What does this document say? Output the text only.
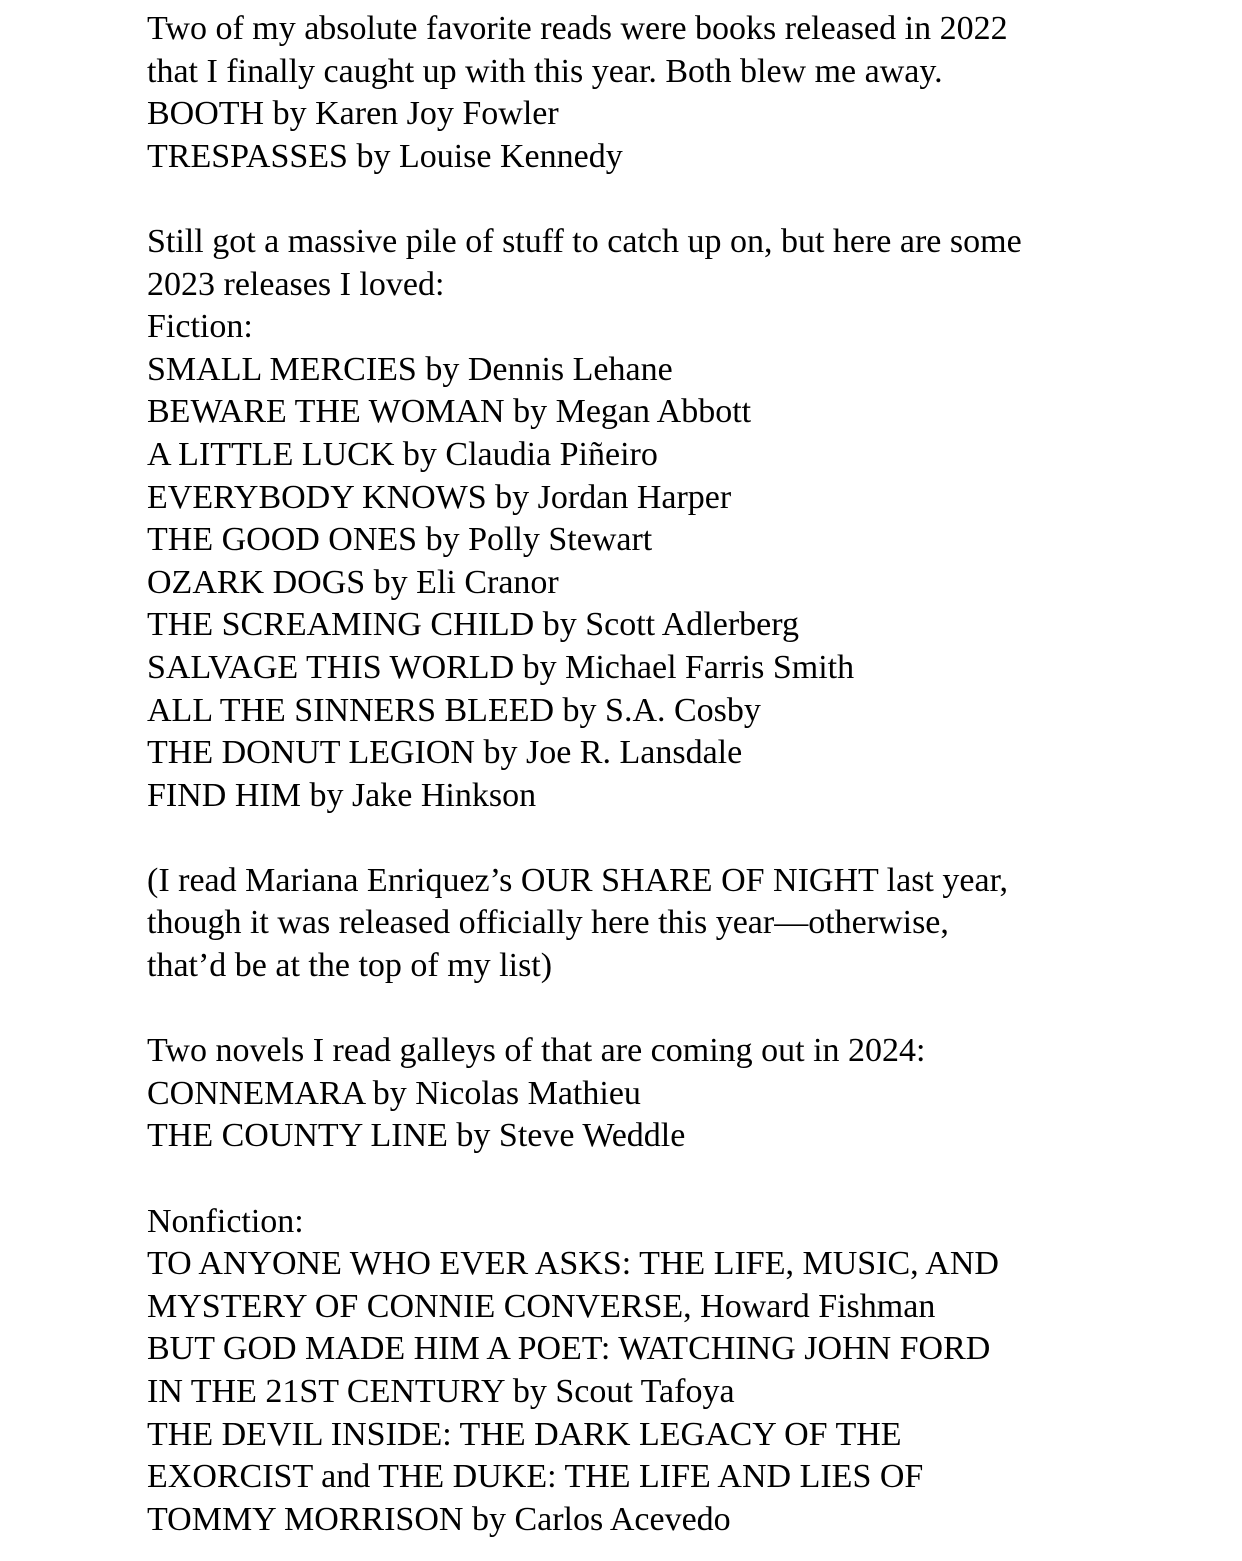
Two of my absolute favorite reads were books released in 2022
that I finally caught up with this year. Both blew me away.
BOOTH by Karen Joy Fowler
TRESPASSES by Louise Kennedy
Still got a massive pile of stuff to catch up on, but here are some
2023 releases I loved:
Fiction:
SMALL MERCIES by Dennis Lehane
BEWARE THE WOMAN by Megan Abbott
A LITTLE LUCK by Claudia Piñeiro
EVERYBODY KNOWS by Jordan Harper
THE GOOD ONES by Polly Stewart
OZARK DOGS by Eli Cranor
THE SCREAMING CHILD by Scott Adlerberg
SALVAGE THIS WORLD by Michael Farris Smith
ALL THE SINNERS BLEED by S.A. Cosby
THE DONUT LEGION by Joe R. Lansdale
FIND HIM by Jake Hinkson
(I read Mariana Enriquez’s OUR SHARE OF NIGHT last year,
though it was released officially here this year—otherwise,
that’d be at the top of my list)
Two novels I read galleys of that are coming out in 2024:
CONNEMARA by Nicolas Mathieu
THE COUNTY LINE by Steve Weddle
Nonfiction:
TO ANYONE WHO EVER ASKS: THE LIFE, MUSIC, AND
MYSTERY OF CONNIE CONVERSE, Howard Fishman
BUT GOD MADE HIM A POET: WATCHING JOHN FORD
IN THE 21ST CENTURY by Scout Tafoya
THE DEVIL INSIDE: THE DARK LEGACY OF THE
EXORCIST and THE DUKE: THE LIFE AND LIES OF
TOMMY MORRISON by Carlos Acevedo
